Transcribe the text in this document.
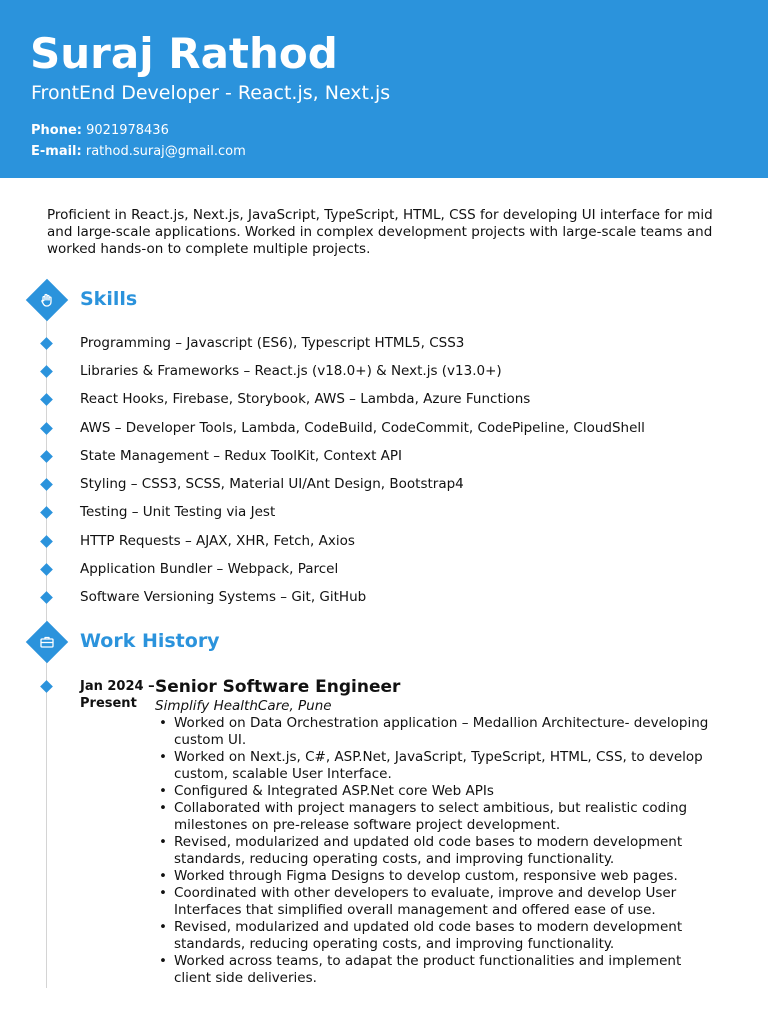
Suraj Rathod
FrontEnd Developer - React.js, Next.js
Phone: 9021978436
E-mail: rathod.suraj@gmail.com
Proficient in React.js, Next.js, JavaScript, TypeScript, HTML, CSS for developing UI interface for mid and large-scale applications. Worked in complex development projects with large-scale teams and worked hands-on to complete multiple projects.
Skills
Programming – Javascript (ES6), Typescript HTML5, CSS3
Libraries & Frameworks – React.js (v18.0+) & Next.js (v13.0+)
React Hooks, Firebase, Storybook, AWS – Lambda, Azure Functions
AWS – Developer Tools, Lambda, CodeBuild, CodeCommit, CodePipeline, CloudShell
State Management – Redux ToolKit, Context API
Styling – CSS3, SCSS, Material UI/Ant Design, Bootstrap4
Testing – Unit Testing via Jest
HTTP Requests – AJAX, XHR, Fetch, Axios
Application Bundler – Webpack, Parcel
Software Versioning Systems – Git, GitHub
Work History
Jan 2024 – Present
Senior Software Engineer
Simplify HealthCare, Pune
• Worked on Data Orchestration application – Medallion Architecture- developing custom UI.
• Worked on Next.js, C#, ASP.Net, JavaScript, TypeScript, HTML, CSS, to develop custom, scalable User Interface.
• Configured & Integrated ASP.Net core Web APIs
• Collaborated with project managers to select ambitious, but realistic coding milestones on pre-release software project development.
• Revised, modularized and updated old code bases to modern development standards, reducing operating costs, and improving functionality.
• Worked through Figma Designs to develop custom, responsive web pages.
• Coordinated with other developers to evaluate, improve and develop User Interfaces that simplified overall management and offered ease of use.
• Revised, modularized and updated old code bases to modern development standards, reducing operating costs, and improving functionality.
• Worked across teams, to adapat the product functionalities and implement client side deliveries.
